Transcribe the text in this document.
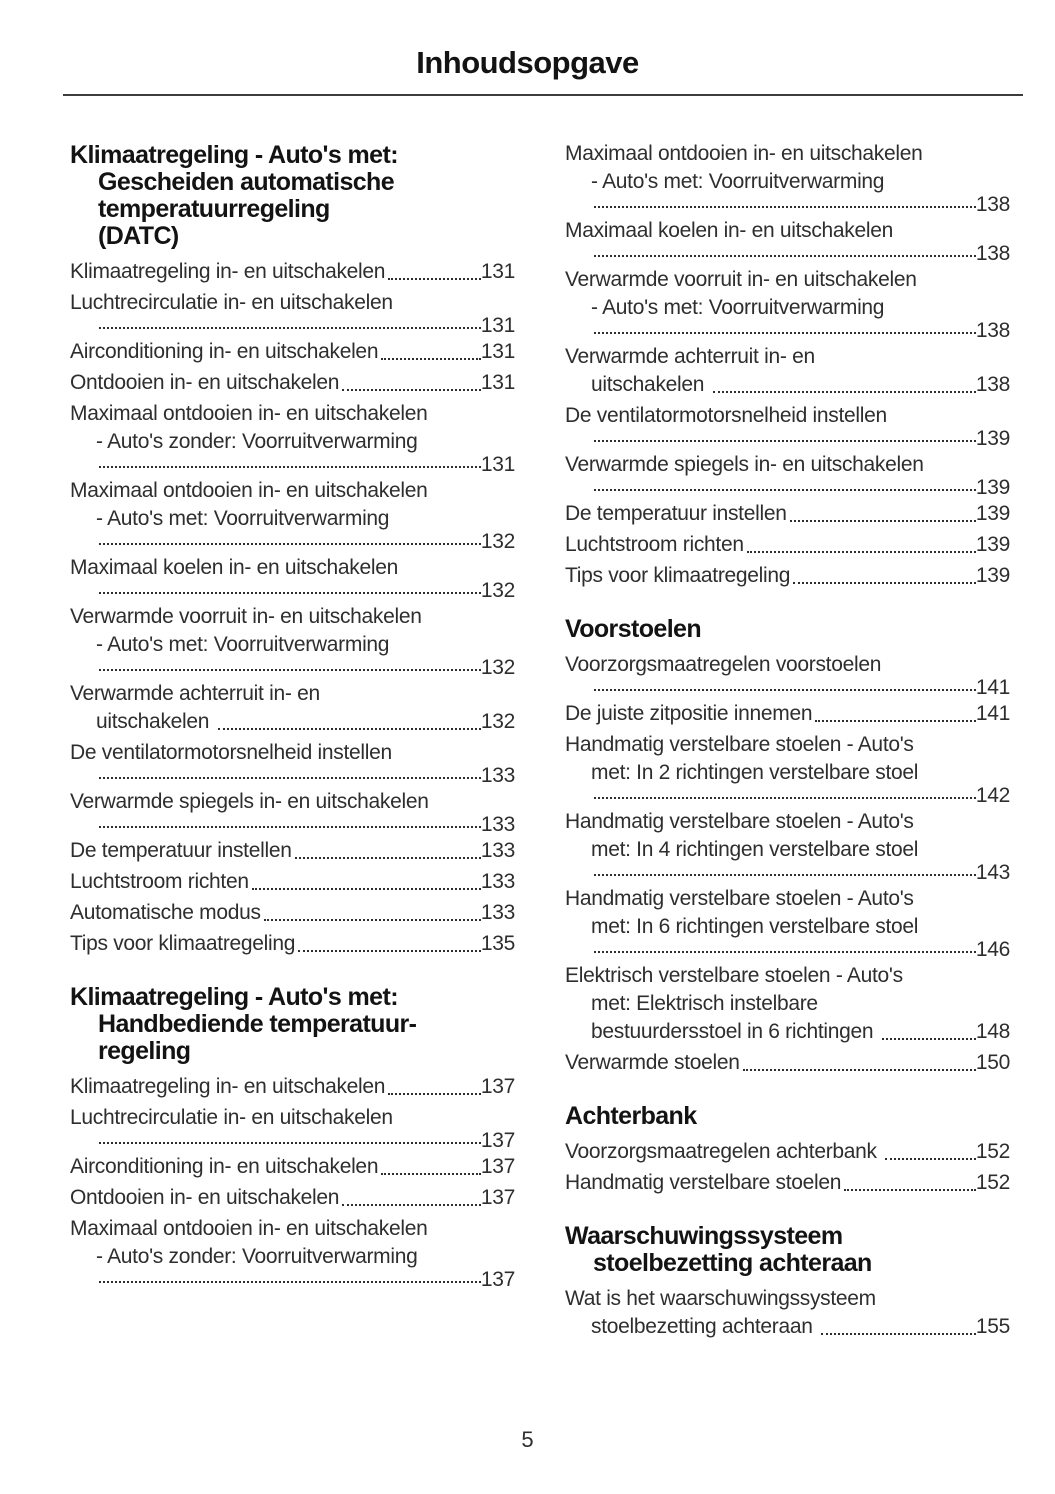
Inhoudsopgave
Klimaatregeling - Auto's met:
Gescheiden automatische
temperatuurregeling
(DATC)
Klimaatregeling in- en uitschakelen	131
Luchtrecirculatie in- en uitschakelen
131
Airconditioning in- en uitschakelen	131
Ontdooien in- en uitschakelen	131
Maximaal ontdooien in- en uitschakelen
- Auto's zonder: Voorruitverwarming
131
Maximaal ontdooien in- en uitschakelen
- Auto's met: Voorruitverwarming
132
Maximaal koelen in- en uitschakelen
132
Verwarmde voorruit in- en uitschakelen
- Auto's met: Voorruitverwarming
132
Verwarmde achterruit in- en
uitschakelen	132
De ventilatormotorsnelheid instellen
133
Verwarmde spiegels in- en uitschakelen
133
De temperatuur instellen	133
Luchtstroom richten	133
Automatische modus	133
Tips voor klimaatregeling	135
Klimaatregeling - Auto's met:
Handbediende temperatuur-
regeling
Klimaatregeling in- en uitschakelen	137
Luchtrecirculatie in- en uitschakelen
137
Airconditioning in- en uitschakelen	137
Ontdooien in- en uitschakelen	137
Maximaal ontdooien in- en uitschakelen
- Auto's zonder: Voorruitverwarming
137
Maximaal ontdooien in- en uitschakelen
- Auto's met: Voorruitverwarming
138
Maximaal koelen in- en uitschakelen
138
Verwarmde voorruit in- en uitschakelen
- Auto's met: Voorruitverwarming
138
Verwarmde achterruit in- en
uitschakelen	138
De ventilatormotorsnelheid instellen
139
Verwarmde spiegels in- en uitschakelen
139
De temperatuur instellen	139
Luchtstroom richten	139
Tips voor klimaatregeling	139
Voorstoelen
Voorzorgsmaatregelen voorstoelen
141
De juiste zitpositie innemen	141
Handmatig verstelbare stoelen - Auto's
met: In 2 richtingen verstelbare stoel
142
Handmatig verstelbare stoelen - Auto's
met: In 4 richtingen verstelbare stoel
143
Handmatig verstelbare stoelen - Auto's
met: In 6 richtingen verstelbare stoel
146
Elektrisch verstelbare stoelen - Auto's
met: Elektrisch instelbare
bestuurdersstoel in 6 richtingen	148
Verwarmde stoelen	150
Achterbank
Voorzorgsmaatregelen achterbank	152
Handmatig verstelbare stoelen	152
Waarschuwingssysteem
stoelbezetting achteraan
Wat is het waarschuwingssysteem
stoelbezetting achteraan	155
5
